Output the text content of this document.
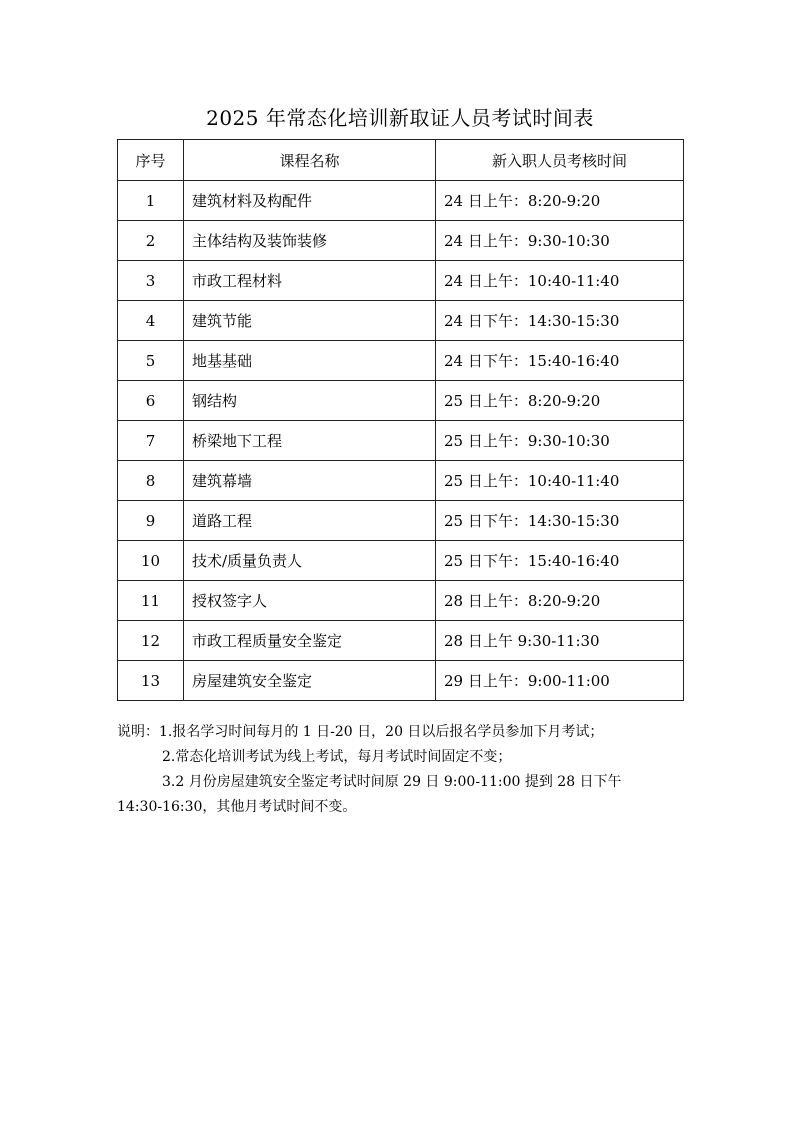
2025 年常态化培训新取证人员考试时间表
序号	课程名称	新入职人员考核时间
1	建筑材料及构配件	24 日上午：8:20-9:20
2	主体结构及装饰装修	24 日上午：9:30-10:30
3	市政工程材料	24 日上午：10:40-11:40
4	建筑节能	24 日下午：14:30-15:30
5	地基基础	24 日下午：15:40-16:40
6	钢结构	25 日上午：8:20-9:20
7	桥梁地下工程	25 日上午：9:30-10:30
8	建筑幕墙	25 日上午：10:40-11:40
9	道路工程	25 日下午：14:30-15:30
10	技术/质量负责人	25 日下午：15:40-16:40
11	授权签字人	28 日上午：8:20-9:20
12	市政工程质量安全鉴定	28 日上午 9:30-11:30
13	房屋建筑安全鉴定	29 日上午：9:00-11:00
说明：1.报名学习时间每月的 1 日-20 日，20 日以后报名学员参加下月考试；
2.常态化培训考试为线上考试，每月考试时间固定不变；
3.2 月份房屋建筑安全鉴定考试时间原 29 日 9:00-11:00 提到 28 日下午
14:30-16:30，其他月考试时间不变。
